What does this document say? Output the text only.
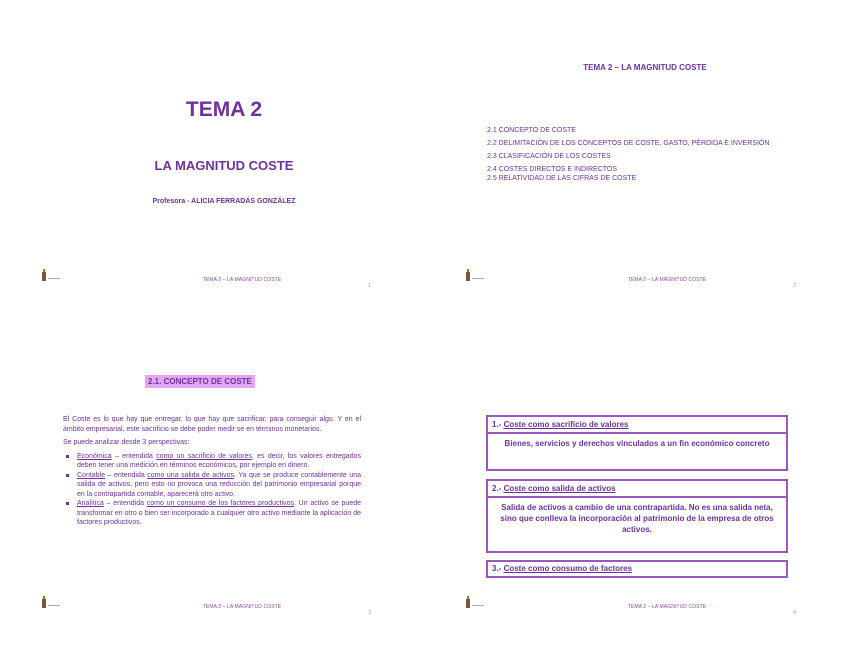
TEMA 2
LA MAGNITUD COSTE
Profesora - ALICIA FERRADÁS GONZÁLEZ
TEMA 2 – LA MAGNITUD COSTE
1
TEMA 2 – LA MAGNITUD COSTE
2.1 CONCEPTO DE COSTE
2.2 DELIMITACIÓN DE LOS CONCEPTOS DE COSTE, GASTO, PÉRDIDA E INVERSIÓN
2.3 CLASIFICACIÓN DE LOS COSTES
2.4 COSTES DIRECTOS E INDIRECTOS
2.5 RELATIVIDAD DE LAS CIFRAS DE COSTE
TEMA 2 – LA MAGNITUD COSTE
2
2.1. CONCEPTO DE COSTE

El Coste es lo que hay que entregar, lo que hay que sacrificar, para conseguir algo. Y en el ámbito empresarial, este sacrificio se debe poder medir se en términos monetarios.

Se puede analizar desde 3 perspectivas:

Económica – entendida como un sacrificio de valores, es decir, los valores entregados deben tener una medición en términos económicos, por ejemplo en dinero.
Contable – entendida como una salida de activos. Ya que se produce contablemente una salida de activos, pero esto no provoca una reducción del patrimonio empresarial porque en la contrapartida contable, aparecerá otro activo.
Analítica – entendida como un consumo de los factores productivos. Un activo se puede transformar en otro o bien ser incorporado a cualquier otro activo mediante la aplicación de factores productivos.
TEMA 2 – LA MAGNITUD COSTE
3
1.- Coste como sacrificio de valores
Bienes, servicios y derechos vinculados a un fin económico concreto
2.- Coste como salida de activos
Salida de activos a cambio de una contrapartida. No es una salida neta, sino que conlleva la incorporación al patrimonio de la empresa de otros activos.
3.- Coste como consumo de factores
TEMA 2 – LA MAGNITUD COSTE
4
